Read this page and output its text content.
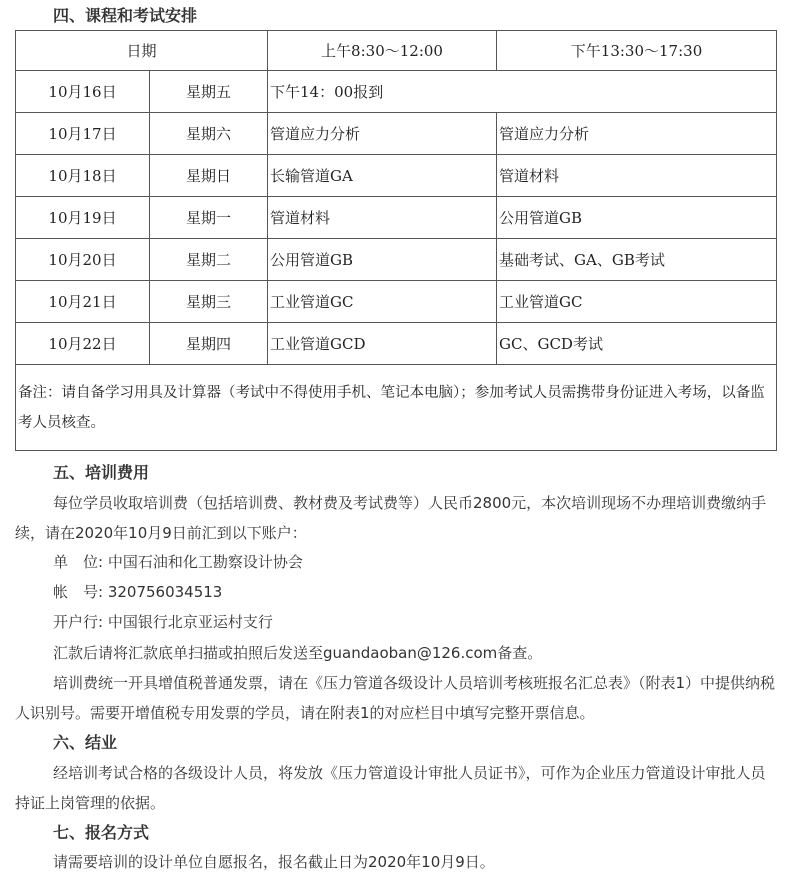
四、课程和考试安排
日期		上午8:30～12:00	下午13:30～17:30
10月16日	星期五	下午14：00报到	
10月17日	星期六	管道应力分析	管道应力分析
10月18日	星期日	长输管道GA	管道材料
10月19日	星期一	管道材料	公用管道GB
10月20日	星期二	公用管道GB	基础考试、GA、GB考试
10月21日	星期三	工业管道GC	工业管道GC
10月22日	星期四	工业管道GCD	GC、GCD考试
备注：请自备学习用具及计算器（考试中不得使用手机、笔记本电脑）；参加考试人员需携带身份证进入考场，以备监考人员核查。			
五、培训费用
每位学员收取培训费（包括培训费、教材费及考试费等）人民币2800元，本次培训现场不办理培训费缴纳手续，请在2020年10月9日前汇到以下账户：
单　位: 中国石油和化工勘察设计协会
帐　号: 320756034513
开户行: 中国银行北京亚运村支行
汇款后请将汇款底单扫描或拍照后发送至guandaoban@126.com备查。
培训费统一开具增值税普通发票，请在《压力管道各级设计人员培训考核班报名汇总表》（附表1）中提供纳税人识别号。需要开增值税专用发票的学员，请在附表1的对应栏目中填写完整开票信息。
六、结业
经培训考试合格的各级设计人员，将发放《压力管道设计审批人员证书》，可作为企业压力管道设计审批人员持证上岗管理的依据。
七、报名方式
请需要培训的设计单位自愿报名，报名截止日为2020年10月9日。
